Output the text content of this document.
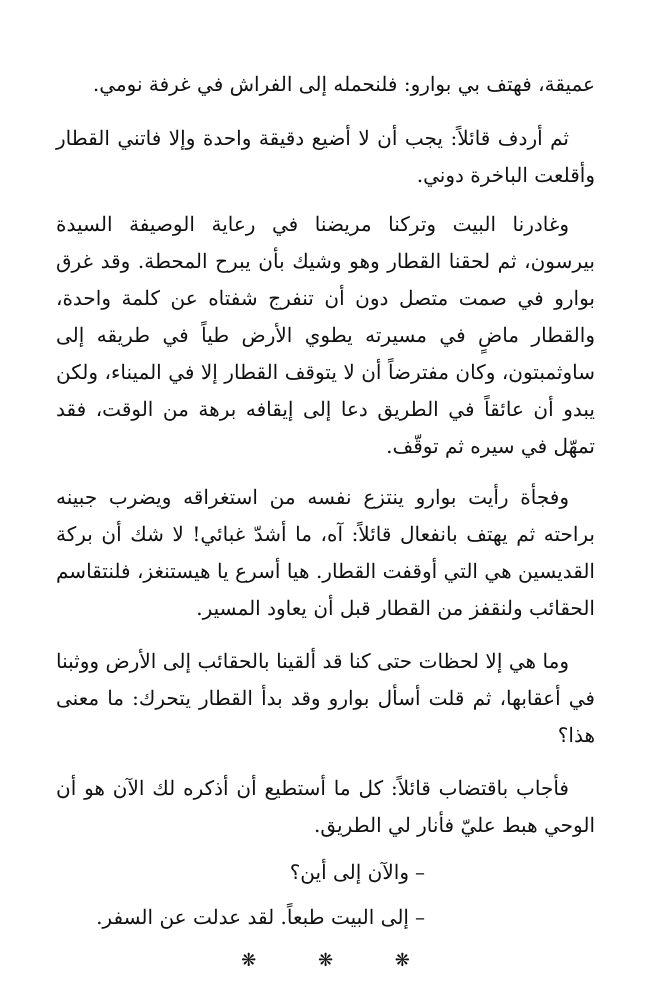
عميقة، فهتف بي بوارو: فلنحمله إلى الفراش في غرفة نومي.

ثم أردف قائلاً: يجب أن لا أضيع دقيقة واحدة وإلا فاتني القطار وأقلعت الباخرة دوني.

وغادرنا البيت وتركنا مريضنا في رعاية الوصيفة السيدة بيرسون، ثم لحقنا القطار وهو وشيك بأن يبرح المحطة. وقد غرق بوارو في صمت متصل دون أن تنفرج شفتاه عن كلمة واحدة، والقطار ماضٍ في مسيرته يطوي الأرض طياً في طريقه إلى ساوثمبتون، وكان مفترضاً أن لا يتوقف القطار إلا في الميناء، ولكن يبدو أن عائقاً في الطريق دعا إلى إيقافه برهة من الوقت، فقد تمهّل في سيره ثم توقّف.

وفجأة رأيت بوارو ينتزع نفسه من استغراقه ويضرب جبينه براحته ثم يهتف بانفعال قائلاً: آه، ما أشدّ غبائي! لا شك أن بركة القديسين هي التي أوقفت القطار. هيا أسرع يا هيستنغز، فلنتقاسم الحقائب ولنقفز من القطار قبل أن يعاود المسير.

وما هي إلا لحظات حتى كنا قد ألقينا بالحقائب إلى الأرض ووثبنا في أعقابها، ثم قلت أسأل بوارو وقد بدأ القطار يتحرك: ما معنى هذا؟

فأجاب باقتضاب قائلاً: كل ما أستطيع أن أذكره لك الآن هو أن الوحي هبط عليّ فأنار لي الطريق.

–والآن إلى أين؟
–إلى البيت طبعاً. لقد عدلت عن السفر.
❋ ❋ ❋
